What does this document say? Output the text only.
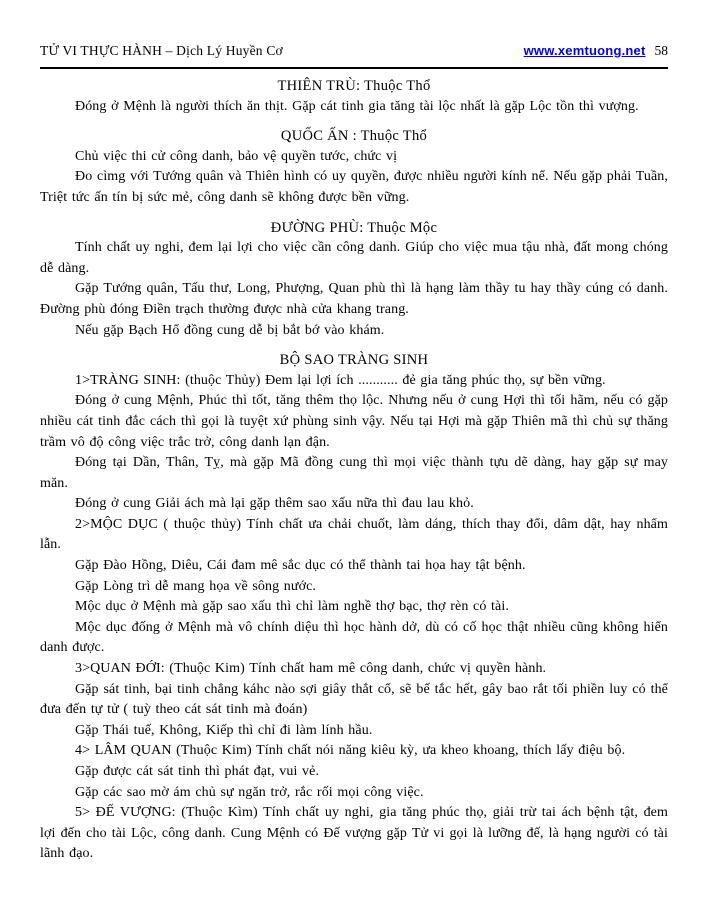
TỬ VI THỰC HÀNH – Dịch Lý Huyền Cơ	www.xemtuong.net 58
THIÊN TRÙ: Thuộc Thổ

Đóng ở Mệnh là người thích ăn thịt. Gặp cát tinh gia tăng tài lộc nhất là gặp Lộc tồn thì vượng.

QUỐC ẤN : Thuộc Thổ

Chủ việc thi cử công danh, bảo vệ quyền tước, chức vị

Đo cìmg với Tướng quân và Thiên hình có uy quyền, được nhiều người kính nể. Nếu gặp phải Tuần, Triệt tức ấn tín bị sức mẻ, công danh sẽ không được bền vững.

ĐƯỜNG PHÙ: Thuộc Mộc

Tính chất uy nghi, đem lại lợi cho việc cần công danh. Giúp cho việc mua tậu nhà, đất mong chóng dễ dàng.

Gặp Tướng quân, Tấu thư, Long, Phượng, Quan phù thì là hạng làm thầy tu hay thầy cúng có danh. Đường phù đóng Điền trạch thường được nhà cửa khang trang.

Nếu gặp Bạch Hổ đồng cung dễ bị bắt bớ vào khám.

BỘ SAO TRÀNG SINH

1>TRÀNG SINH: (thuộc Thủy) Đem lại lợi ích ........... đẻ gia tăng phúc thọ, sự bền vững.

Đóng ở cung Mệnh, Phúc thì tốt, tăng thêm thọ lộc. Nhưng nếu ở cung Hợi thì tối hãm, nếu có gặp nhiều cát tinh đắc cách thì gọi là tuyệt xứ phùng sinh vậy. Nếu tại Hợi mà gặp Thiên mã thì chủ sự thăng trầm vô độ công việc trắc trở, công danh lạn đận.

Đóng tại Dần, Thân, Tỵ, mà gặp Mã đồng cung thì mọi việc thành tựu dẽ dàng, hay gặp sự may măn.

Đóng ở cung Giải ách mà lại gặp thêm sao xấu nữa thì đau lau khỏ.

2>MỘC DỤC ( thuộc thủy) Tính chất ưa chải chuốt, làm dáng, thích thay đổi, dâm dật, hay nhẩm lẫn.

Gặp Đào Hồng, Diêu, Cái đam mê sắc dục có thể thành tai họa hay tật bệnh.

Gặp Lòng trì dễ mang họa về sông nước.

Mộc dục ở Mệnh mà gặp sao xấu thì chỉ làm nghề thợ bạc, thợ rèn có tài.

Mộc dục đống ở Mệnh mà vô chính diệu thì học hành dở, dù có cố học thật nhiều cũng không hiển danh được.

3>QUAN ĐỚI: (Thuộc Kim) Tính chất ham mê công danh, chức vị quyền hành.

Gặp sát tinh, bại tinh chẳng káhc nào sợi giây thắt cổ, sẽ bế tắc hết, gây bao rắt tối phiền luy có thể đưa đến tự tử ( tuỳ theo cát sát tinh mà đoán)

Gặp Thái tuế, Không, Kiếp thì chỉ đi làm lính hầu.

4> LÂM QUAN (Thuộc Kim) Tính chất nói năng kiêu kỳ, ưa kheo khoang, thích lấy điệu bộ.

Gặp được cát sát tinh thì phát đạt, vui vẻ.

Gặp các sao mờ ám chủ sự ngăn trở, rắc rối mọi công việc.

5> ĐẾ VƯỢNG: (Thuộc Kìm) Tính chất uy nghi, gia tăng phúc thọ, giải trừ tai ách bệnh tật, đem lợi đến cho tài Lộc, công danh. Cung Mệnh có Đế vượng gặp Tử vi gọi là lưỡng đế, là hạng người có tài lãnh đạo.
